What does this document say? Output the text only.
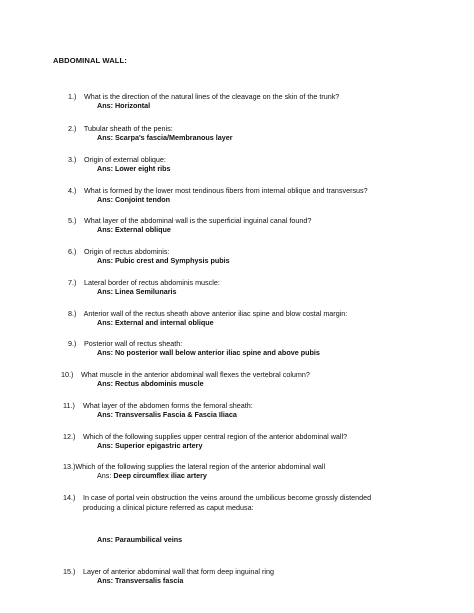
ABDOMINAL WALL:
1.) What is the direction of the natural lines of the cleavage on the skin of the trunk?
Ans: Horizontal
2.) Tubular sheath of the penis:
Ans: Scarpa's fascia/Membranous layer
3.) Origin of external oblique:
Ans: Lower eight ribs
4.) What is formed by the lower most tendinous fibers from internal oblique and transversus?
Ans: Conjoint tendon
5.) What layer of the abdominal wall is the superficial inguinal canal found?
Ans: External oblique
6.) Origin of rectus abdominis:
Ans: Pubic crest and Symphysis pubis
7.) Lateral border of rectus abdominis muscle:
Ans: Linea Semilunaris
8.) Anterior wall of the rectus sheath above anterior iliac spine and blow costal margin:
Ans: External and internal oblique
9.) Posterior wall of rectus sheath:
Ans: No posterior wall below anterior iliac spine and above pubis
10.) What muscle in the anterior abdominal wall flexes the vertebral column?
Ans: Rectus abdominis muscle
11.) What layer of the abdomen forms the femoral sheath:
Ans: Transversalis Fascia & Fascia Iliaca
12.) Which of the following supplies upper central region of the anterior abdominal wall?
Ans: Superior epigastric artery
13.)Which of the following supplies the lateral region of the anterior abdominal wall
Ans: Deep circumflex iliac artery
14.) In case of portal vein obstruction the veins around the umbilicus become grossly distended
producing a clinical picture referred as caput medusa:
Ans: Paraumbilical veins
15.) Layer of anterior abdominal wall that form deep inguinal ring
Ans: Transversalis fascia
